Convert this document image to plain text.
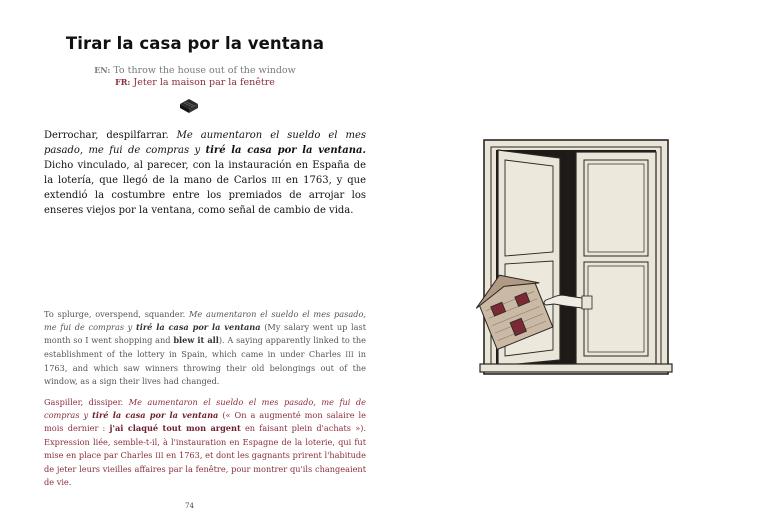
Tirar la casa por la ventana
EN: To throw the house out of the window
FR: Jeter la maison par la fenêtre
Derrochar, despilfarrar. Me aumentaron el sueldo el mes pasado, me fui de compras y tiré la casa por la ventana. Dicho vinculado, al parecer, con la instauración en España de la lotería, que llegó de la mano de Carlos III en 1763, y que extendió la costumbre entre los premiados de arrojar los enseres viejos por la ventana, como señal de cambio de vida.
To splurge, overspend, squander. Me aumentaron el sueldo el mes pasado, me fui de compras y tiré la casa por la ventana (My salary went up last month so I went shopping and blew it all). A saying apparently linked to the establishment of the lottery in Spain, which came in under Charles III in 1763, and which saw winners throwing their old belongings out of the window, as a sign their lives had changed.
Gaspiller, dissiper. Me aumentaron el sueldo el mes pasado, me fui de compras y tiré la casa por la ventana (« On a augmenté mon salaire le mois dernier : j'ai claqué tout mon argent en faisant plein d'achats »). Expression liée, semble-t-il, à l'instauration en Espagne de la loterie, qui fut mise en place par Charles III en 1763, et dont les gagnants prirent l'habitude de jeter leurs vieilles affaires par la fenêtre, pour montrer qu'ils changeaient de vie.
74
